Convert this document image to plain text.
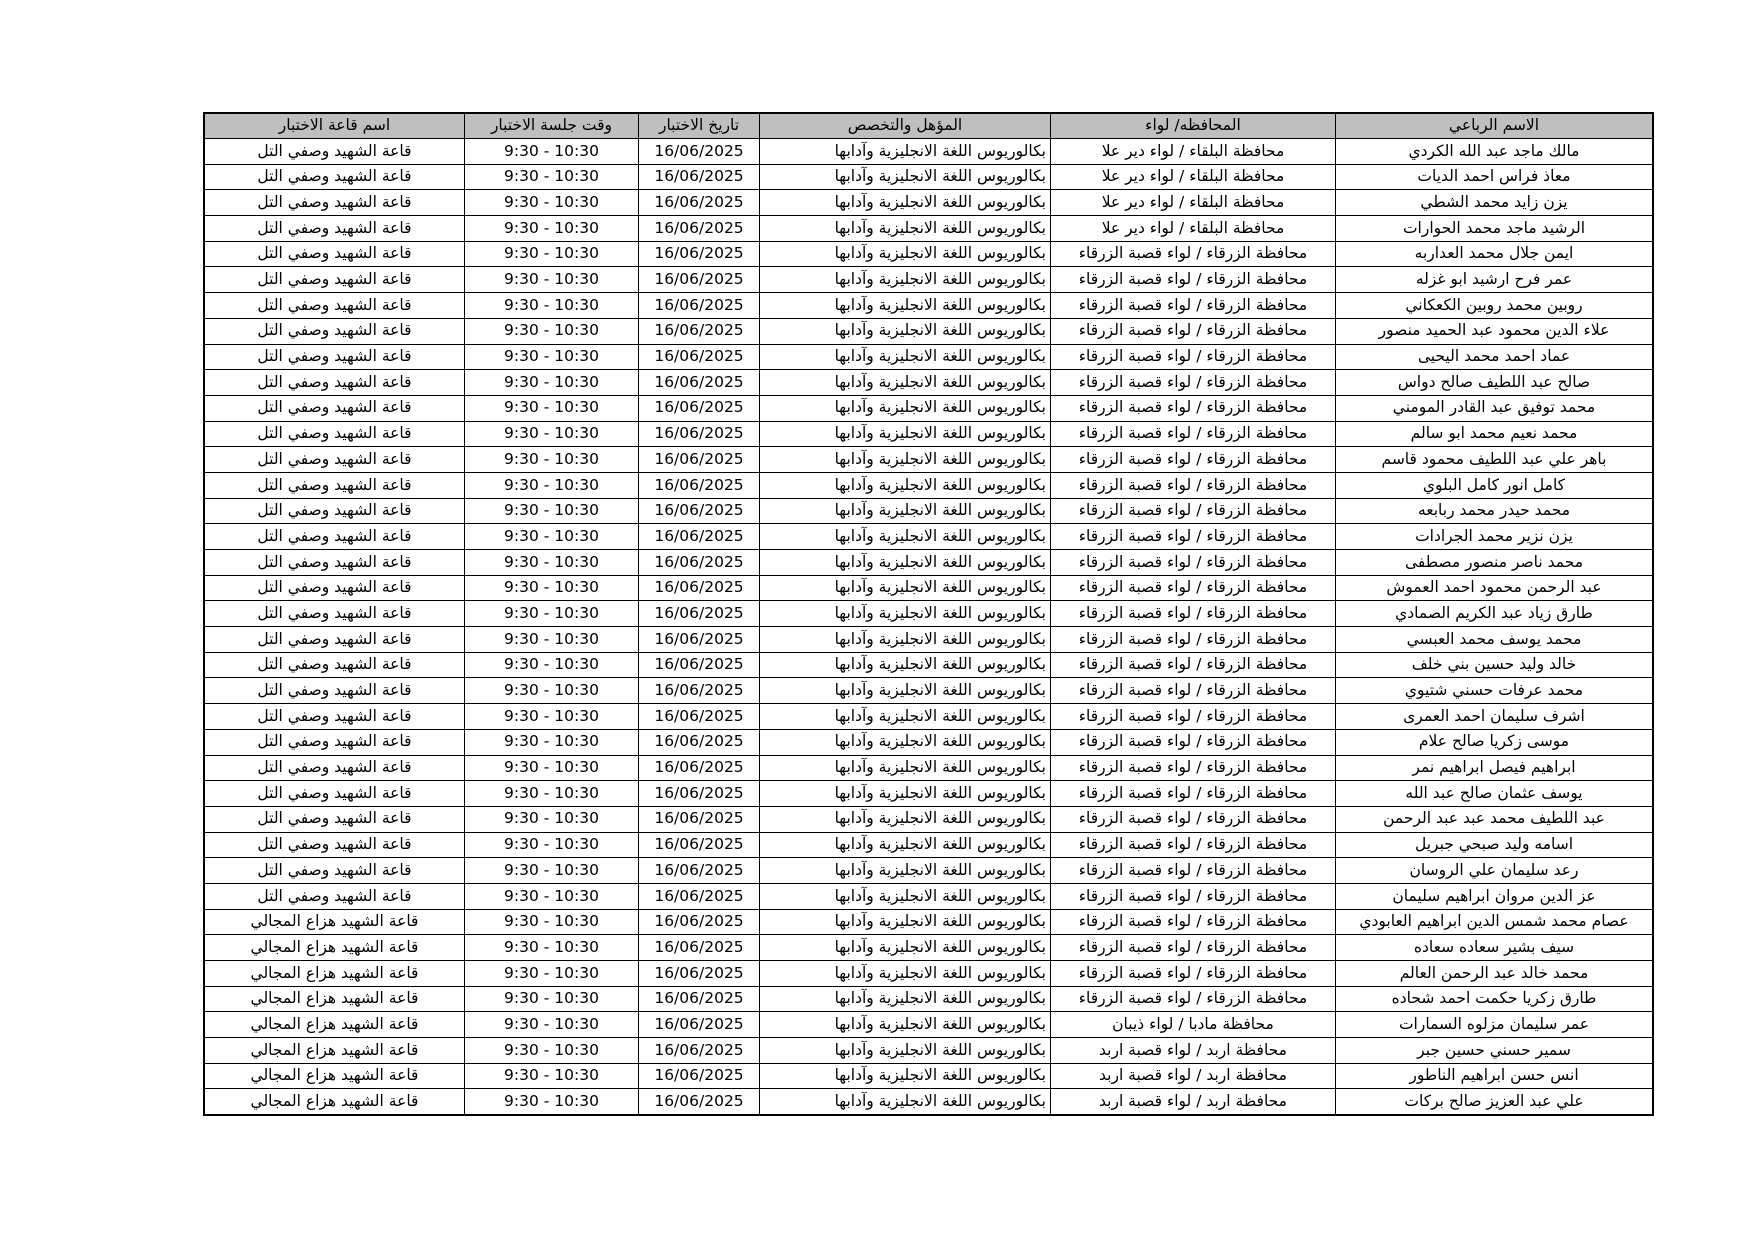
الاسم الرباعي	المحافظه/ لواء	المؤهل والتخصص	تاريخ الاختبار	وقت جلسة الاختبار	اسم قاعة الاختبار
مالك ماجد عبد الله الكردي	محافظة البلقاء / لواء دير علا	بكالوريوس اللغة الانجليزية وآدابها	16/06/2025	9:30 - 10:30	قاعة الشهيد وصفي التل
معاذ فراس احمد الديات	محافظة البلقاء / لواء دير علا	بكالوريوس اللغة الانجليزية وآدابها	16/06/2025	9:30 - 10:30	قاعة الشهيد وصفي التل
يزن زايد محمد الشطي	محافظة البلقاء / لواء دير علا	بكالوريوس اللغة الانجليزية وآدابها	16/06/2025	9:30 - 10:30	قاعة الشهيد وصفي التل
الرشيد ماجد محمد الحوارات	محافظة البلقاء / لواء دير علا	بكالوريوس اللغة الانجليزية وآدابها	16/06/2025	9:30 - 10:30	قاعة الشهيد وصفي التل
ايمن جلال محمد العداربه	محافظة الزرقاء / لواء قصبة الزرقاء	بكالوريوس اللغة الانجليزية وآدابها	16/06/2025	9:30 - 10:30	قاعة الشهيد وصفي التل
عمر فرح ارشيد ابو غزله	محافظة الزرقاء / لواء قصبة الزرقاء	بكالوريوس اللغة الانجليزية وآدابها	16/06/2025	9:30 - 10:30	قاعة الشهيد وصفي التل
روبين محمد روبين الكعكاني	محافظة الزرقاء / لواء قصبة الزرقاء	بكالوريوس اللغة الانجليزية وآدابها	16/06/2025	9:30 - 10:30	قاعة الشهيد وصفي التل
علاء الدين محمود عبد الحميد منصور	محافظة الزرقاء / لواء قصبة الزرقاء	بكالوريوس اللغة الانجليزية وآدابها	16/06/2025	9:30 - 10:30	قاعة الشهيد وصفي التل
عماد احمد محمد اليحيى	محافظة الزرقاء / لواء قصبة الزرقاء	بكالوريوس اللغة الانجليزية وآدابها	16/06/2025	9:30 - 10:30	قاعة الشهيد وصفي التل
صالح عبد اللطيف صالح دواس	محافظة الزرقاء / لواء قصبة الزرقاء	بكالوريوس اللغة الانجليزية وآدابها	16/06/2025	9:30 - 10:30	قاعة الشهيد وصفي التل
محمد توفيق عبد القادر المومني	محافظة الزرقاء / لواء قصبة الزرقاء	بكالوريوس اللغة الانجليزية وآدابها	16/06/2025	9:30 - 10:30	قاعة الشهيد وصفي التل
محمد نعيم محمد ابو سالم	محافظة الزرقاء / لواء قصبة الزرقاء	بكالوريوس اللغة الانجليزية وآدابها	16/06/2025	9:30 - 10:30	قاعة الشهيد وصفي التل
باهر علي عبد اللطيف محمود قاسم	محافظة الزرقاء / لواء قصبة الزرقاء	بكالوريوس اللغة الانجليزية وآدابها	16/06/2025	9:30 - 10:30	قاعة الشهيد وصفي التل
كامل انور كامل البلوي	محافظة الزرقاء / لواء قصبة الزرقاء	بكالوريوس اللغة الانجليزية وآدابها	16/06/2025	9:30 - 10:30	قاعة الشهيد وصفي التل
محمد حيدر محمد ربابعه	محافظة الزرقاء / لواء قصبة الزرقاء	بكالوريوس اللغة الانجليزية وآدابها	16/06/2025	9:30 - 10:30	قاعة الشهيد وصفي التل
يزن نزير محمد الجرادات	محافظة الزرقاء / لواء قصبة الزرقاء	بكالوريوس اللغة الانجليزية وآدابها	16/06/2025	9:30 - 10:30	قاعة الشهيد وصفي التل
محمد ناصر منصور مصطفى	محافظة الزرقاء / لواء قصبة الزرقاء	بكالوريوس اللغة الانجليزية وآدابها	16/06/2025	9:30 - 10:30	قاعة الشهيد وصفي التل
عبد الرحمن محمود احمد العموش	محافظة الزرقاء / لواء قصبة الزرقاء	بكالوريوس اللغة الانجليزية وآدابها	16/06/2025	9:30 - 10:30	قاعة الشهيد وصفي التل
طارق زياد عبد الكريم الصمادي	محافظة الزرقاء / لواء قصبة الزرقاء	بكالوريوس اللغة الانجليزية وآدابها	16/06/2025	9:30 - 10:30	قاعة الشهيد وصفي التل
محمد يوسف محمد العبسي	محافظة الزرقاء / لواء قصبة الزرقاء	بكالوريوس اللغة الانجليزية وآدابها	16/06/2025	9:30 - 10:30	قاعة الشهيد وصفي التل
خالد وليد حسين بني خلف	محافظة الزرقاء / لواء قصبة الزرقاء	بكالوريوس اللغة الانجليزية وآدابها	16/06/2025	9:30 - 10:30	قاعة الشهيد وصفي التل
محمد عرفات حسني شتيوي	محافظة الزرقاء / لواء قصبة الزرقاء	بكالوريوس اللغة الانجليزية وآدابها	16/06/2025	9:30 - 10:30	قاعة الشهيد وصفي التل
اشرف سليمان احمد العمرى	محافظة الزرقاء / لواء قصبة الزرقاء	بكالوريوس اللغة الانجليزية وآدابها	16/06/2025	9:30 - 10:30	قاعة الشهيد وصفي التل
موسى زكريا صالح علام	محافظة الزرقاء / لواء قصبة الزرقاء	بكالوريوس اللغة الانجليزية وآدابها	16/06/2025	9:30 - 10:30	قاعة الشهيد وصفي التل
ابراهيم فيصل ابراهيم نمر	محافظة الزرقاء / لواء قصبة الزرقاء	بكالوريوس اللغة الانجليزية وآدابها	16/06/2025	9:30 - 10:30	قاعة الشهيد وصفي التل
يوسف عثمان صالح عبد الله	محافظة الزرقاء / لواء قصبة الزرقاء	بكالوريوس اللغة الانجليزية وآدابها	16/06/2025	9:30 - 10:30	قاعة الشهيد وصفي التل
عبد اللطيف محمد عبد عبد الرحمن	محافظة الزرقاء / لواء قصبة الزرقاء	بكالوريوس اللغة الانجليزية وآدابها	16/06/2025	9:30 - 10:30	قاعة الشهيد وصفي التل
اسامه وليد صبحي جبريل	محافظة الزرقاء / لواء قصبة الزرقاء	بكالوريوس اللغة الانجليزية وآدابها	16/06/2025	9:30 - 10:30	قاعة الشهيد وصفي التل
رعد سليمان علي الروسان	محافظة الزرقاء / لواء قصبة الزرقاء	بكالوريوس اللغة الانجليزية وآدابها	16/06/2025	9:30 - 10:30	قاعة الشهيد وصفي التل
عز الدين مروان ابراهيم سليمان	محافظة الزرقاء / لواء قصبة الزرقاء	بكالوريوس اللغة الانجليزية وآدابها	16/06/2025	9:30 - 10:30	قاعة الشهيد وصفي التل
عصام محمد شمس الدين ابراهيم العابودي	محافظة الزرقاء / لواء قصبة الزرقاء	بكالوريوس اللغة الانجليزية وآدابها	16/06/2025	9:30 - 10:30	قاعة الشهيد هزاع المجالي
سيف بشير سعاده سعاده	محافظة الزرقاء / لواء قصبة الزرقاء	بكالوريوس اللغة الانجليزية وآدابها	16/06/2025	9:30 - 10:30	قاعة الشهيد هزاع المجالي
محمد خالد عبد الرحمن العالم	محافظة الزرقاء / لواء قصبة الزرقاء	بكالوريوس اللغة الانجليزية وآدابها	16/06/2025	9:30 - 10:30	قاعة الشهيد هزاع المجالي
طارق زكريا حكمت احمد شحاده	محافظة الزرقاء / لواء قصبة الزرقاء	بكالوريوس اللغة الانجليزية وآدابها	16/06/2025	9:30 - 10:30	قاعة الشهيد هزاع المجالي
عمر سليمان مزلوه السمارات	محافظة مادبا / لواء ذيبان	بكالوريوس اللغة الانجليزية وآدابها	16/06/2025	9:30 - 10:30	قاعة الشهيد هزاع المجالي
سمير حسني حسين جبر	محافظة اربد / لواء قصبة اربد	بكالوريوس اللغة الانجليزية وآدابها	16/06/2025	9:30 - 10:30	قاعة الشهيد هزاع المجالي
انس حسن ابراهيم الناطور	محافظة اربد / لواء قصبة اربد	بكالوريوس اللغة الانجليزية وآدابها	16/06/2025	9:30 - 10:30	قاعة الشهيد هزاع المجالي
علي عبد العزيز صالح بركات	محافظة اربد / لواء قصبة اربد	بكالوريوس اللغة الانجليزية وآدابها	16/06/2025	9:30 - 10:30	قاعة الشهيد هزاع المجالي
